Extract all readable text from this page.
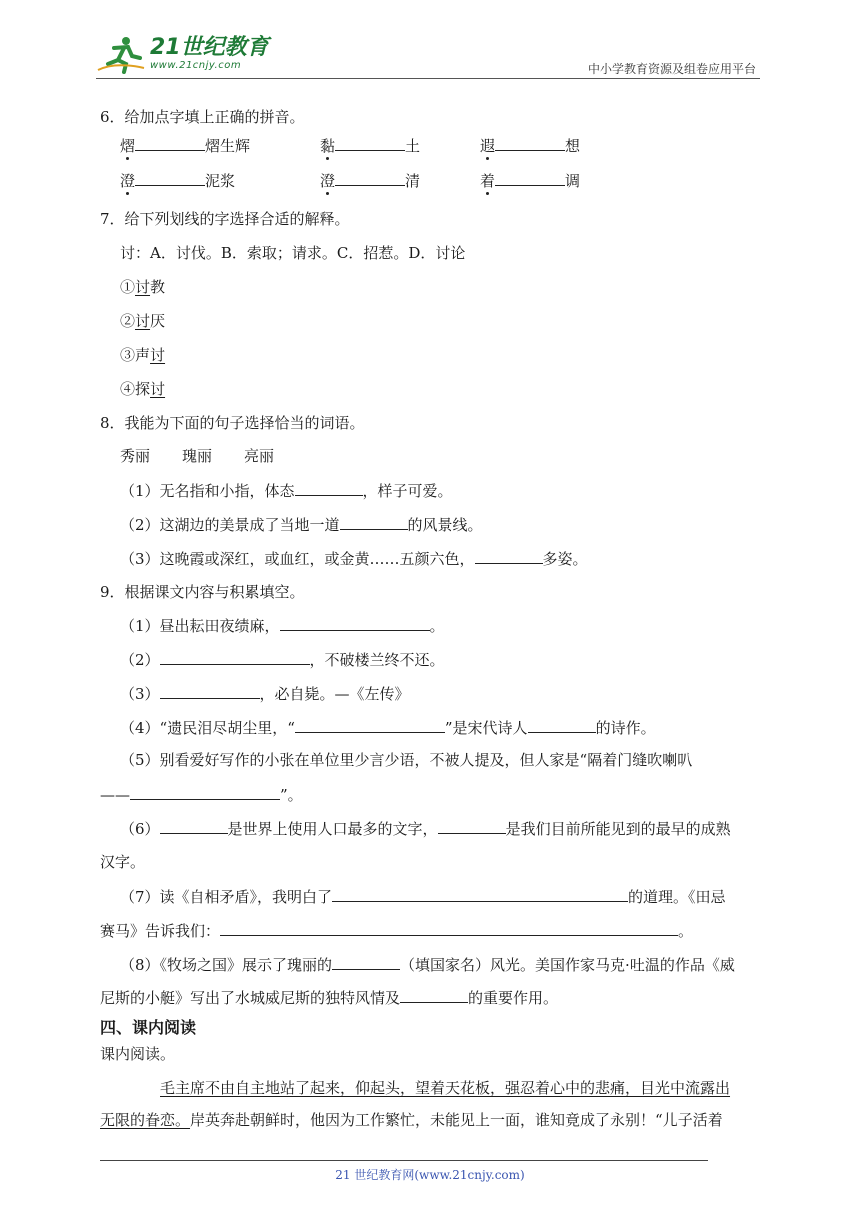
21世纪教育
www.21cnjy.com	中小学教育资源及组卷应用平台
6．给加点字填上正确的拼音。
熠	熠生辉	黏	土	遐	想
澄	泥浆	澄	清	着	调
7．给下列划线的字选择合适的解释。
讨：A．讨伐。B．索取；请求。C．招惹。D．讨论
①讨教
②讨厌
③声讨
④探讨
8．我能为下面的句子选择恰当的词语。
秀丽 瑰丽 亮丽
（1）无名指和小指，体态	，样子可爱。
（2）这湖边的美景成了当地一道	的风景线。
（3）这晚霞或深红，或血红，或金黄……五颜六色，	多姿。
9．根据课文内容与积累填空。
（1）昼出耘田夜绩麻，	。
（2）	，不破楼兰终不还。
（3）	，必自毙。—《左传》
（4）“遗民泪尽胡尘里，“	”是宋代诗人	的诗作。
（5）别看爱好写作的小张在单位里少言少语，不被人提及，但人家是“隔着门缝吹喇叭
——	”。
（6）	是世界上使用人口最多的文字，	是我们目前所能见到的最早的成熟
汉字。
（7）读《自相矛盾》，我明白了	的道理。《田忌
赛马》告诉我们：	。
（8）《牧场之国》展示了瑰丽的	（填国家名）风光。美国作家马克·吐温的作品《威
尼斯的小艇》写出了水城威尼斯的独特风情及	的重要作用。
四、课内阅读
课内阅读。
毛主席不由自主地站了起来，仰起头，望着天花板，强忍着心中的悲痛，目光中流露出
无限的眷恋。岸英奔赴朝鲜时，他因为工作繁忙，未能见上一面，谁知竟成了永别！“儿子活着
21 世纪教育网(www.21cnjy.com)
